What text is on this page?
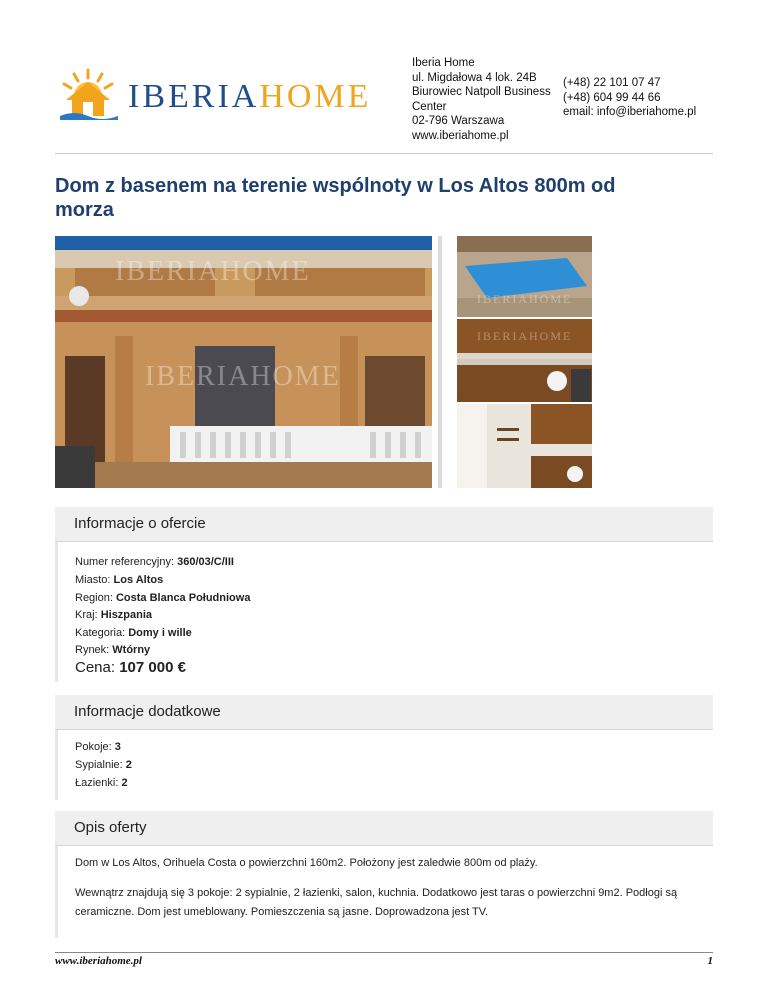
IBERIAHOME
Iberia Home
ul. Migdałowa 4 lok. 24B
Biurowiec Natpoll Business
Center
02-796 Warszawa
www.iberiahome.pl
(+48) 22 101 07 47
(+48) 604 99 44 66
email: info@iberiahome.pl
Dom z basenem na terenie wspólnoty w Los Altos 800m od morza
IBERIAHOME
IBERIAHOME
IBERIAHOME
IBERIAHOME
Informacje o ofercie
Numer referencyjny: 360/03/C/III
Miasto: Los Altos
Region: Costa Blanca Południowa
Kraj: Hiszpania
Kategoria: Domy i wille
Rynek: Wtórny
Cena: 107 000 €
Informacje dodatkowe
Pokoje: 3
Sypialnie: 2
Łazienki: 2
Opis oferty

Dom w Los Altos, Orihuela Costa o powierzchni 160m2. Położony jest zaledwie 800m od plaży.

Wewnątrz znajdują się 3 pokoje: 2 sypialnie, 2 łazienki, salon, kuchnia. Dodatkowo jest taras o powierzchni 9m2. Podłogi są ceramiczne. Dom jest umeblowany. Pomieszczenia są jasne. Doprowadzona jest TV.

www.iberiahome.pl	1
